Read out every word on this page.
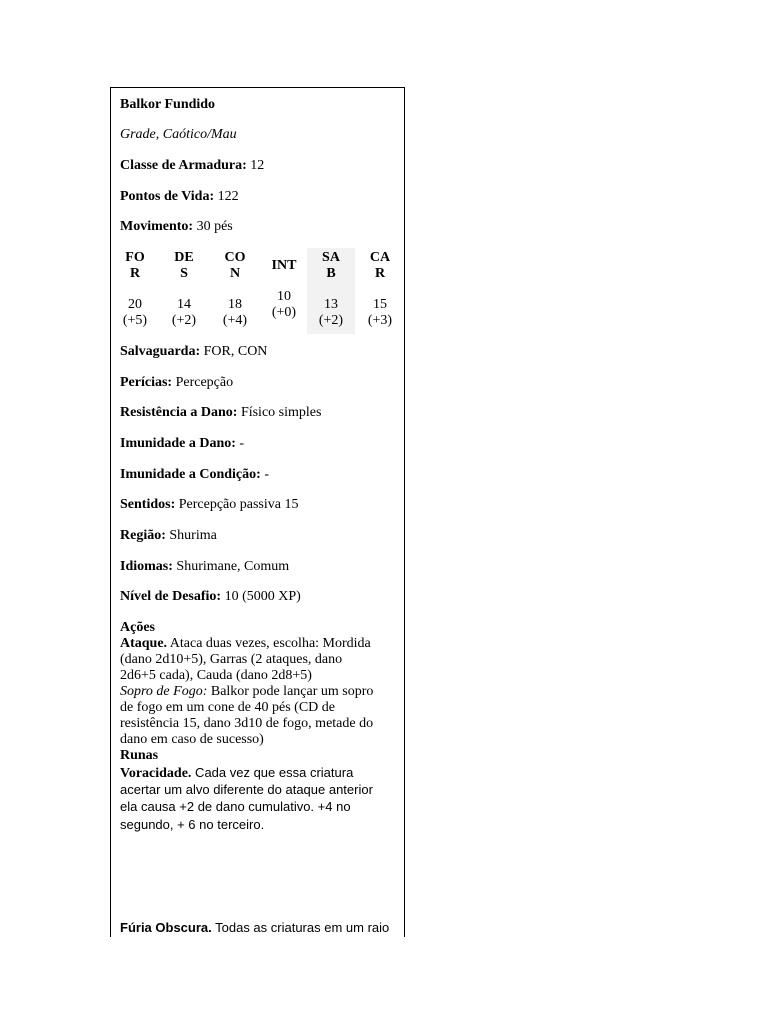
Balkor Fundido
Grade, Caótico/Mau
Classe de Armadura: 12
Pontos de Vida: 122
Movimento: 30 pés
FO
R
20
(+5)
DE
S
14
(+2)
CO
N
18
(+4)
INT
10
(+0)
SA
B
13
(+2)
CA
R
15
(+3)
Salvaguarda: FOR, CON
Perícias: Percepção
Resistência a Dano: Físico simples
Imunidade a Dano: -
Imunidade a Condição: -
Sentidos: Percepção passiva 15
Região: Shurima
Idiomas: Shurimane, Comum
Nível de Desafio: 10 (5000 XP)
Ações
Ataque. Ataca duas vezes, escolha: Mordida
(dano 2d10+5), Garras (2 ataques, dano
2d6+5 cada), Cauda (dano 2d8+5)
Sopro de Fogo: Balkor pode lançar um sopro
de fogo em um cone de 40 pés (CD de
resistência 15, dano 3d10 de fogo, metade do
dano em caso de sucesso)
Runas
Voracidade. Cada vez que essa criatura
acertar um alvo diferente do ataque anterior
ela causa +2 de dano cumulativo. +4 no
segundo, + 6 no terceiro.
Fúria Obscura. Todas as criaturas em um raio
